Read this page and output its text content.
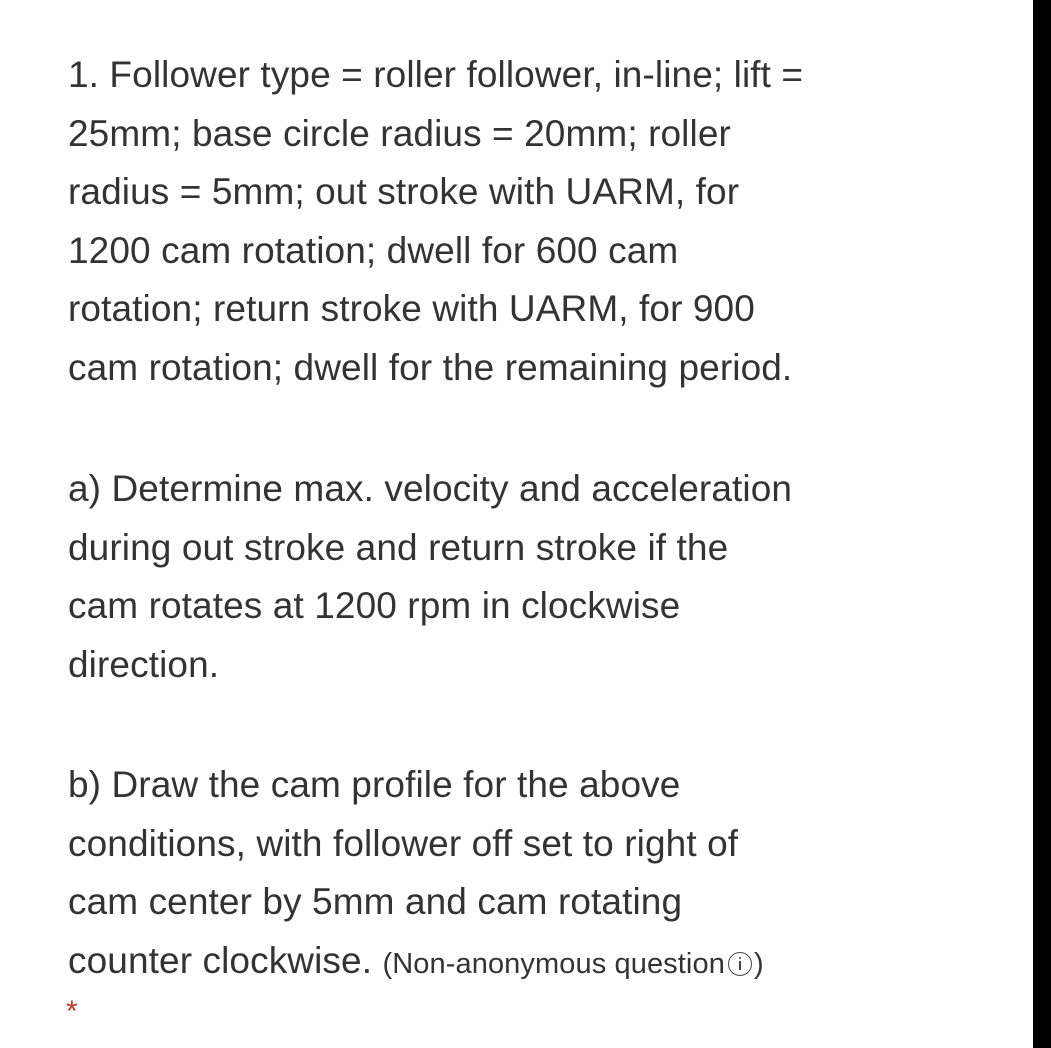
1. Follower type = roller follower, in-line; lift =
25mm; base circle radius = 20mm; roller
radius = 5mm; out stroke with UARM, for
1200 cam rotation; dwell for 600 cam
rotation; return stroke with UARM, for 900
cam rotation; dwell for the remaining period.

a) Determine max. velocity and acceleration
during out stroke and return stroke if the
cam rotates at 1200 rpm in clockwise
direction.

b) Draw the cam profile for the above
conditions, with follower off set to right of
cam center by 5mm and cam rotating
counter clockwise. (Non-anonymous question )

*
